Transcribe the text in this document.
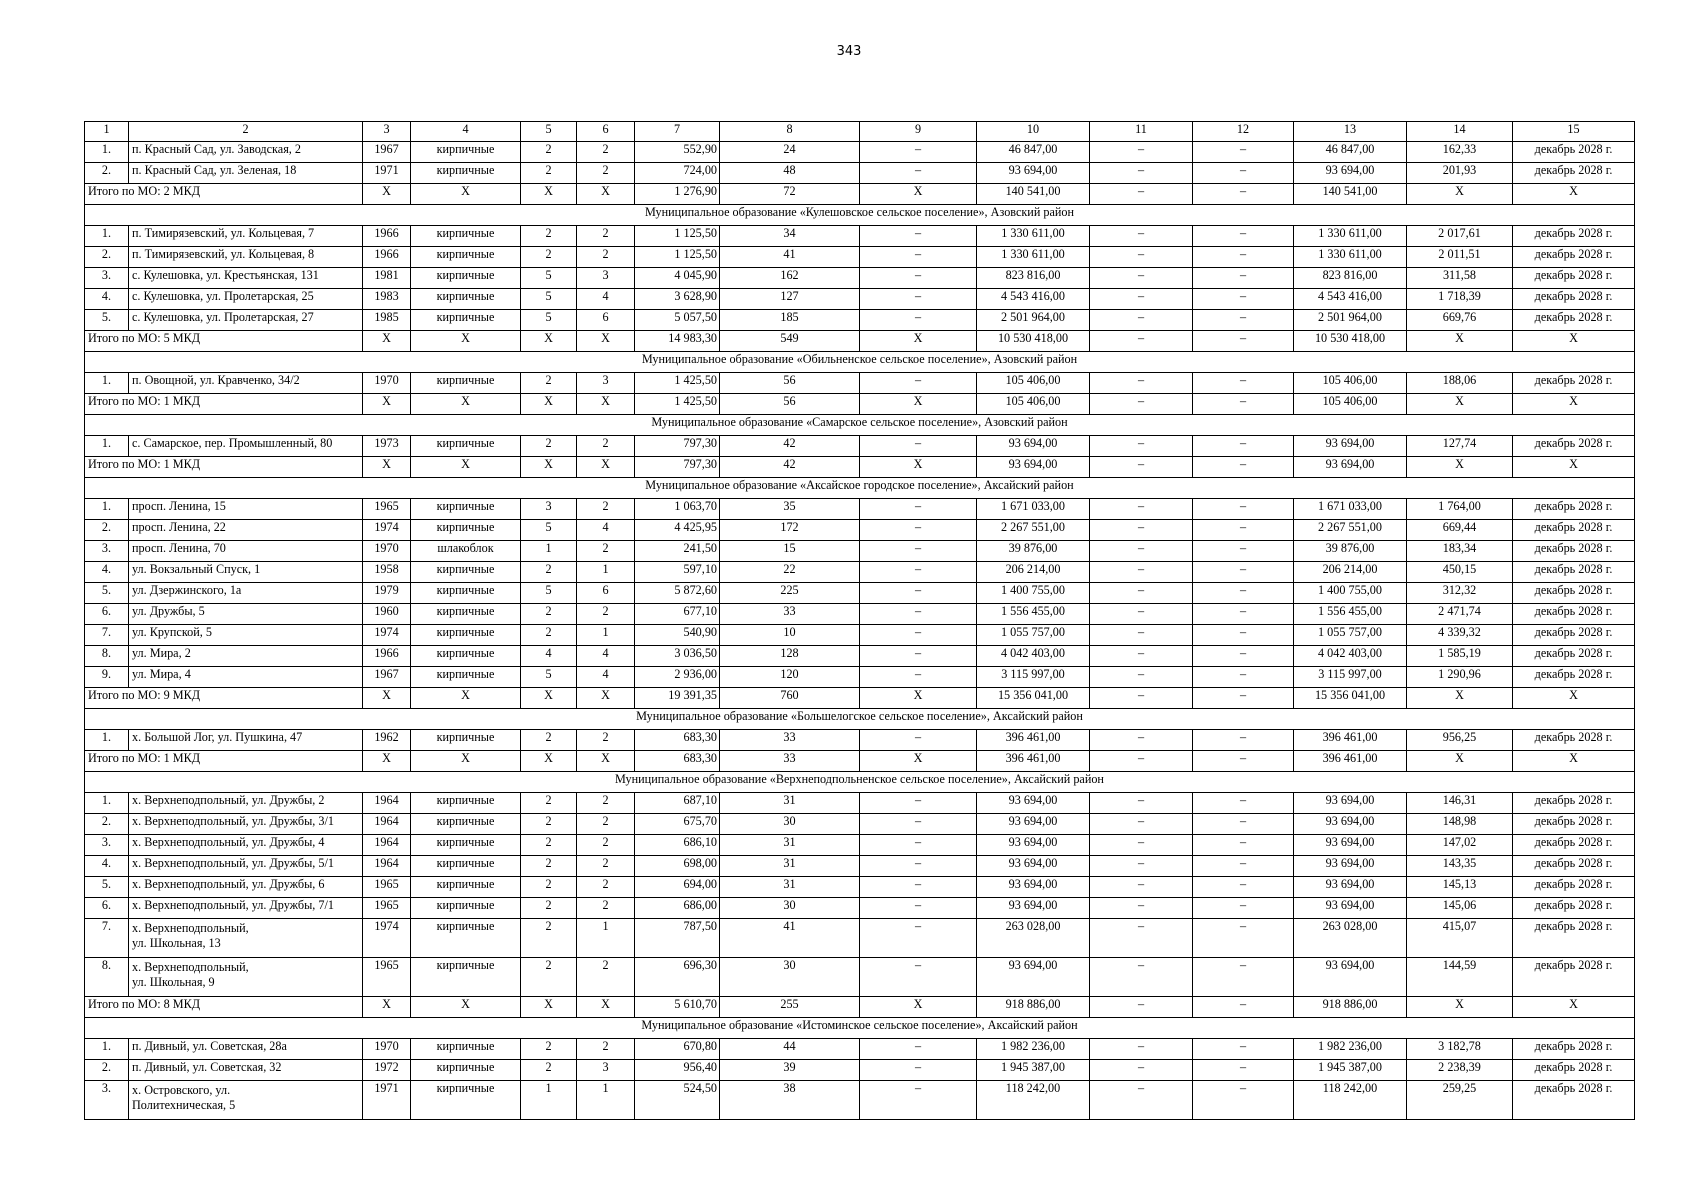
343
1	2	3	4	5	6	7	8	9	10	11	12	13	14	15
1.	п. Красный Сад, ул. Заводская, 2	1967	кирпичные	2	2	552,90	24	–	46 847,00	–	–	46 847,00	162,33	декабрь 2028 г.
2.	п. Красный Сад, ул. Зеленая, 18	1971	кирпичные	2	2	724,00	48	–	93 694,00	–	–	93 694,00	201,93	декабрь 2028 г.
Итого по МО: 2 МКД		Х	Х	Х	Х	1 276,90	72	Х	140 541,00	–	–	140 541,00	Х	Х
Муниципальное образование «Кулешовское сельское поселение», Азовский район														
1.	п. Тимирязевский, ул. Кольцевая, 7	1966	кирпичные	2	2	1 125,50	34	–	1 330 611,00	–	–	1 330 611,00	2 017,61	декабрь 2028 г.
2.	п. Тимирязевский, ул. Кольцевая, 8	1966	кирпичные	2	2	1 125,50	41	–	1 330 611,00	–	–	1 330 611,00	2 011,51	декабрь 2028 г.
3.	с. Кулешовка, ул. Крестьянская, 131	1981	кирпичные	5	3	4 045,90	162	–	823 816,00	–	–	823 816,00	311,58	декабрь 2028 г.
4.	с. Кулешовка, ул. Пролетарская, 25	1983	кирпичные	5	4	3 628,90	127	–	4 543 416,00	–	–	4 543 416,00	1 718,39	декабрь 2028 г.
5.	с. Кулешовка, ул. Пролетарская, 27	1985	кирпичные	5	6	5 057,50	185	–	2 501 964,00	–	–	2 501 964,00	669,76	декабрь 2028 г.
Итого по МО: 5 МКД		Х	Х	Х	Х	14 983,30	549	Х	10 530 418,00	–	–	10 530 418,00	Х	Х
Муниципальное образование «Обильненское сельское поселение», Азовский район														
1.	п. Овощной, ул. Кравченко, 34/2	1970	кирпичные	2	3	1 425,50	56	–	105 406,00	–	–	105 406,00	188,06	декабрь 2028 г.
Итого по МО: 1 МКД		Х	Х	Х	Х	1 425,50	56	Х	105 406,00	–	–	105 406,00	Х	Х
Муниципальное образование «Самарское сельское поселение», Азовский район														
1.	с. Самарское, пер. Промышленный, 80	1973	кирпичные	2	2	797,30	42	–	93 694,00	–	–	93 694,00	127,74	декабрь 2028 г.
Итого по МО: 1 МКД		Х	Х	Х	Х	797,30	42	Х	93 694,00	–	–	93 694,00	Х	Х
Муниципальное образование «Аксайское городское поселение», Аксайский район														
1.	просп. Ленина, 15	1965	кирпичные	3	2	1 063,70	35	–	1 671 033,00	–	–	1 671 033,00	1 764,00	декабрь 2028 г.
2.	просп. Ленина, 22	1974	кирпичные	5	4	4 425,95	172	–	2 267 551,00	–	–	2 267 551,00	669,44	декабрь 2028 г.
3.	просп. Ленина, 70	1970	шлакоблок	1	2	241,50	15	–	39 876,00	–	–	39 876,00	183,34	декабрь 2028 г.
4.	ул. Вокзальный Спуск, 1	1958	кирпичные	2	1	597,10	22	–	206 214,00	–	–	206 214,00	450,15	декабрь 2028 г.
5.	ул. Дзержинского, 1а	1979	кирпичные	5	6	5 872,60	225	–	1 400 755,00	–	–	1 400 755,00	312,32	декабрь 2028 г.
6.	ул. Дружбы, 5	1960	кирпичные	2	2	677,10	33	–	1 556 455,00	–	–	1 556 455,00	2 471,74	декабрь 2028 г.
7.	ул. Крупской, 5	1974	кирпичные	2	1	540,90	10	–	1 055 757,00	–	–	1 055 757,00	4 339,32	декабрь 2028 г.
8.	ул. Мира, 2	1966	кирпичные	4	4	3 036,50	128	–	4 042 403,00	–	–	4 042 403,00	1 585,19	декабрь 2028 г.
9.	ул. Мира, 4	1967	кирпичные	5	4	2 936,00	120	–	3 115 997,00	–	–	3 115 997,00	1 290,96	декабрь 2028 г.
Итого по МО: 9 МКД		Х	Х	Х	Х	19 391,35	760	Х	15 356 041,00	–	–	15 356 041,00	Х	Х
Муниципальное образование «Большелогское сельское поселение», Аксайский район														
1.	х. Большой Лог, ул. Пушкина, 47	1962	кирпичные	2	2	683,30	33	–	396 461,00	–	–	396 461,00	956,25	декабрь 2028 г.
Итого по МО: 1 МКД		Х	Х	Х	Х	683,30	33	Х	396 461,00	–	–	396 461,00	Х	Х
Муниципальное образование «Верхнеподпольненское сельское поселение», Аксайский район														
1.	х. Верхнеподпольный, ул. Дружбы, 2	1964	кирпичные	2	2	687,10	31	–	93 694,00	–	–	93 694,00	146,31	декабрь 2028 г.
2.	х. Верхнеподпольный, ул. Дружбы, 3/1	1964	кирпичные	2	2	675,70	30	–	93 694,00	–	–	93 694,00	148,98	декабрь 2028 г.
3.	х. Верхнеподпольный, ул. Дружбы, 4	1964	кирпичные	2	2	686,10	31	–	93 694,00	–	–	93 694,00	147,02	декабрь 2028 г.
4.	х. Верхнеподпольный, ул. Дружбы, 5/1	1964	кирпичные	2	2	698,00	31	–	93 694,00	–	–	93 694,00	143,35	декабрь 2028 г.
5.	х. Верхнеподпольный, ул. Дружбы, 6	1965	кирпичные	2	2	694,00	31	–	93 694,00	–	–	93 694,00	145,13	декабрь 2028 г.
6.	х. Верхнеподпольный, ул. Дружбы, 7/1	1965	кирпичные	2	2	686,00	30	–	93 694,00	–	–	93 694,00	145,06	декабрь 2028 г.
7.	х. Верхнеподпольный,
ул. Школьная, 13	1974	кирпичные	2	1	787,50	41	–	263 028,00	–	–	263 028,00	415,07	декабрь 2028 г.
8.	х. Верхнеподпольный,
ул. Школьная, 9	1965	кирпичные	2	2	696,30	30	–	93 694,00	–	–	93 694,00	144,59	декабрь 2028 г.
Итого по МО: 8 МКД		Х	Х	Х	Х	5 610,70	255	Х	918 886,00	–	–	918 886,00	Х	Х
Муниципальное образование «Истоминское сельское поселение», Аксайский район														
1.	п. Дивный, ул. Советская, 28а	1970	кирпичные	2	2	670,80	44	–	1 982 236,00	–	–	1 982 236,00	3 182,78	декабрь 2028 г.
2.	п. Дивный, ул. Советская, 32	1972	кирпичные	2	3	956,40	39	–	1 945 387,00	–	–	1 945 387,00	2 238,39	декабрь 2028 г.
3.	х. Островского, ул.
Политехническая, 5	1971	кирпичные	1	1	524,50	38	–	118 242,00	–	–	118 242,00	259,25	декабрь 2028 г.
